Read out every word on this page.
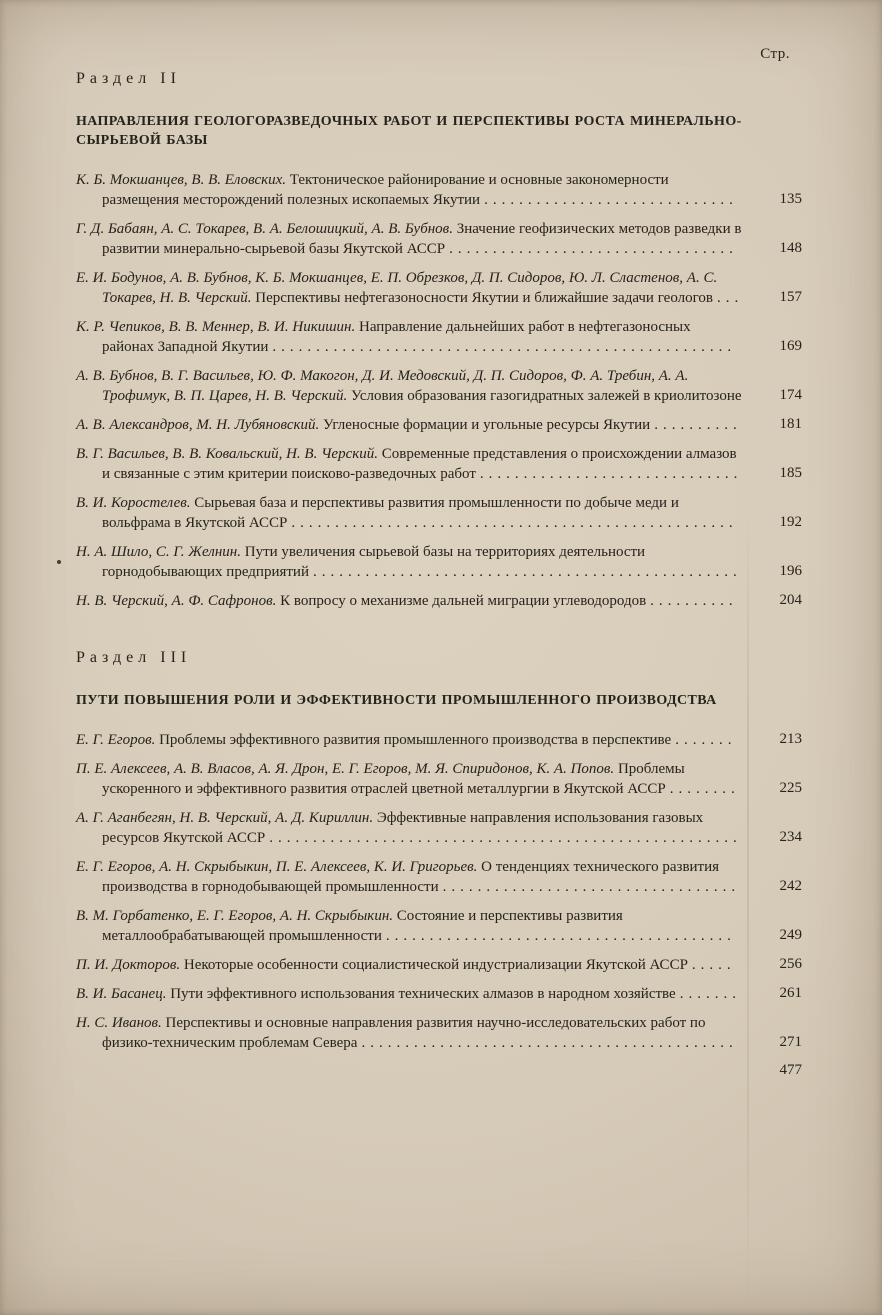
Стр.
Раздел II
НАПРАВЛЕНИЯ ГЕОЛОГОРАЗВЕДОЧНЫХ РАБОТ И ПЕРСПЕКТИВЫ РОСТА МИНЕРАЛЬНО-СЫРЬЕВОЙ БАЗЫ
К. Б. Мокшанцев, В. В. Еловских. Тектоническое районирование и основные закономерности размещения месторождений полезных ископаемых Якутии .............................	135
Г. Д. Бабаян, А. С. Токарев, В. А. Белошицкий, А. В. Бубнов. Значение геофизических методов разведки в развитии минерально-сырьевой базы Якутской АССР .................................	148
Е. И. Бодунов, А. В. Бубнов, К. Б. Мокшанцев, Е. П. Обрезков, Д. П. Сидоров, Ю. Л. Сластенов, А. С. Токарев, Н. В. Черский. Перспективы нефтегазоносности Якутии и ближайшие задачи геологов ...	157
К. Р. Чепиков, В. В. Меннер, В. И. Никишин. Направление дальнейших работ в нефтегазоносных районах Западной Якутии .....................................................	169
А. В. Бубнов, В. Г. Васильев, Ю. Ф. Макогон, Д. И. Медовский, Д. П. Сидоров, Ф. А. Требин, А. А. Трофимук, В. П. Царев, Н. В. Черский. Условия образования газогидратных залежей в криолитозоне	174
А. В. Александров, М. Н. Лубяновский. Угленосные формации и угольные ресурсы Якутии ..........	181
В. Г. Васильев, В. В. Ковальский, Н. В. Черский. Современные представления о происхождении алмазов и связанные с этим критерии поисково-разведочных работ ..............................	185
В. И. Коростелев. Сырьевая база и перспективы развития промышленности по добыче меди и вольфрама в Якутской АССР ...................................................	192
Н. А. Шило, С. Г. Желнин. Пути увеличения сырьевой базы на территориях деятельности горнодобывающих предприятий .................................................	196
Н. В. Черский, А. Ф. Сафронов. К вопросу о механизме дальней миграции углеводородов ..........	204
Раздел III
ПУТИ ПОВЫШЕНИЯ РОЛИ И ЭФФЕКТИВНОСТИ ПРОМЫШЛЕННОГО ПРОИЗВОДСТВА
Е. Г. Егоров. Проблемы эффективного развития промышленного производства в перспективе .......	213
П. Е. Алексеев, А. В. Власов, А. Я. Дрон, Е. Г. Егоров, М. Я. Спиридонов, К. А. Попов. Проблемы ускоренного и эффективного развития отраслей цветной металлургии в Якутской АССР ........	225
А. Г. Аганбегян, Н. В. Черский, А. Д. Кириллин. Эффективные направления использования газовых ресурсов Якутской АССР ......................................................	234
Е. Г. Егоров, А. Н. Скрыбыкин, П. Е. Алексеев, К. И. Григорьев. О тенденциях технического развития производства в горнодобывающей промышленности ..................................	242
В. М. Горбатенко, Е. Г. Егоров, А. Н. Скрыбыкин. Состояние и перспективы развития металлообрабатывающей промышленности ........................................	249
П. И. Докторов. Некоторые особенности социалистической индустриализации Якутской АССР .....	256
В. И. Басанец. Пути эффективного использования технических алмазов в народном хозяйстве .......	261
Н. С. Иванов. Перспективы и основные направления развития научно-исследовательских работ по физико-техническим проблемам Севера ...........................................	271
477
